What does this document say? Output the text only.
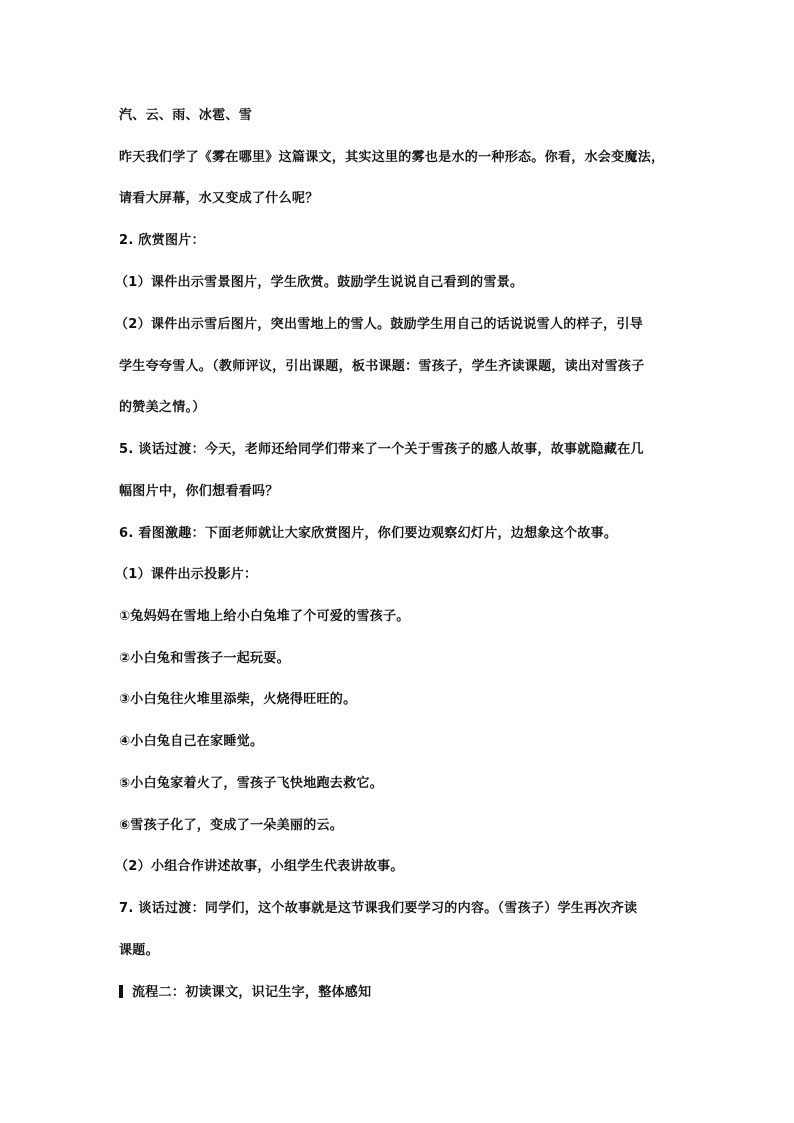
汽、云、雨、冰雹、雪
昨天我们学了《雾在哪里》这篇课文，其实这里的雾也是水的一种形态。你看，水会变魔法，
请看大屏幕，水又变成了什么呢？
2. 欣赏图片：
（1）课件出示雪景图片，学生欣赏。鼓励学生说说自己看到的雪景。
（2）课件出示雪后图片，突出雪地上的雪人。鼓励学生用自己的话说说雪人的样子，引导
学生夸夸雪人。（教师评议，引出课题，板书课题：雪孩子，学生齐读课题，读出对雪孩子
的赞美之情。）
5. 谈话过渡：今天，老师还给同学们带来了一个关于雪孩子的感人故事，故事就隐藏在几
幅图片中，你们想看看吗？
6. 看图激趣：下面老师就让大家欣赏图片，你们要边观察幻灯片，边想象这个故事。
（1）课件出示投影片：
①兔妈妈在雪地上给小白兔堆了个可爱的雪孩子。
②小白兔和雪孩子一起玩耍。
③小白兔往火堆里添柴，火烧得旺旺的。
④小白兔自己在家睡觉。
⑤小白兔家着火了，雪孩子飞快地跑去救它。
⑥雪孩子化了，变成了一朵美丽的云。
（2）小组合作讲述故事，小组学生代表讲故事。
7. 谈话过渡：同学们，这个故事就是这节课我们要学习的内容。（雪孩子）学生再次齐读
课题。
流程二：初读课文，识记生字，整体感知
